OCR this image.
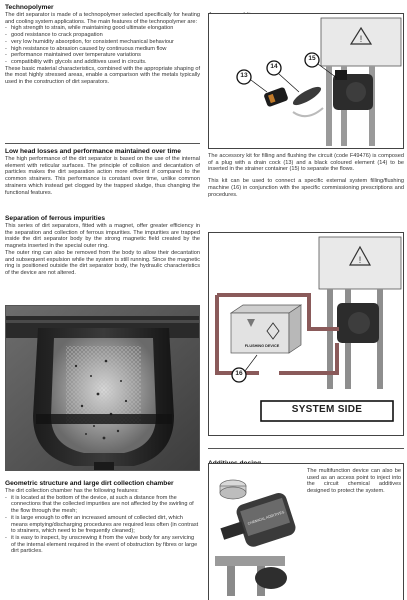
Technopolymer
The dirt separator is made of a technopolymer selected specifically for heating and cooling system applications. The main features of the technopolymer are:
- high strength to strain, while maintaining good ultimate elongation
- good resistance to crack propagation
- very low humidity absorption, for consistent mechanical behaviour
- high resistance to abrasion caused by continuous medium flow
- performance maintained over temperature variations
- compatibility with glycols and additives used in circuits.
These basic material characteristics, combined with the appropriate shaping of the most highly stressed areas, enable a comparison with the metals typically used in the construction of dirt separators.
Low head losses and performance maintained over time
The high performance of the dirt separator is based on the use of the internal element with reticular surfaces. The principle of collision and decantation of particles makes the dirt separation action more efficient if compared to the common strainers. This performance is constant over time, unlike common strainers which instead get clogged by the trapped sludge, thus changing the functional features.
Separation of ferrous impurities
This series of dirt separators, fitted with a magnet, offer greater efficiency in the separation and collection of ferrous impurities. The impurities are trapped inside the dirt separator body by the strong magnetic field created by the magnets inserted in the special outer ring.
The outer ring can also be removed from the body to allow their decantation and subsequent expulsion while the system is still running. Since the magnetic ring is positioned outside the dirt separator body, the hydraulic characteristics of the device are not altered.
Geometric structure and large dirt collection chamber
The dirt collection chamber has the following features:
- it is located at the bottom of the device, at such a distance from the connections that the collected impurities are not affected by the swirling of the flow through the mesh;
- it is large enough to offer an increased amount of collected dirt, which means emptying/discharging procedures are required less often (in contrast to strainers, which need to be frequently cleaned);
- it is easy to inspect, by unscrewing it from the valve body for any servicing of the internal element required in the event of obstruction by fibres or large dirt particles.
!
13
14
15
The accessory kit for filling and flushing the circuit (code F49476) is composed of a plug with a drain cock (13) and a black coloured element (14) to be inserted in the strainer container (15) to separate the flows.
This kit can be used to connect a specific external system filling/flushing machine (16) in conjunction with the specific commissioning prescriptions and procedures.
!
FLUSHING DEVICE
16
SYSTEM SIDE
CHEMICAL ADDITIVES
The multifunction device can also be used as an access point to inject into the circuit chemical additives designed to protect the system.
